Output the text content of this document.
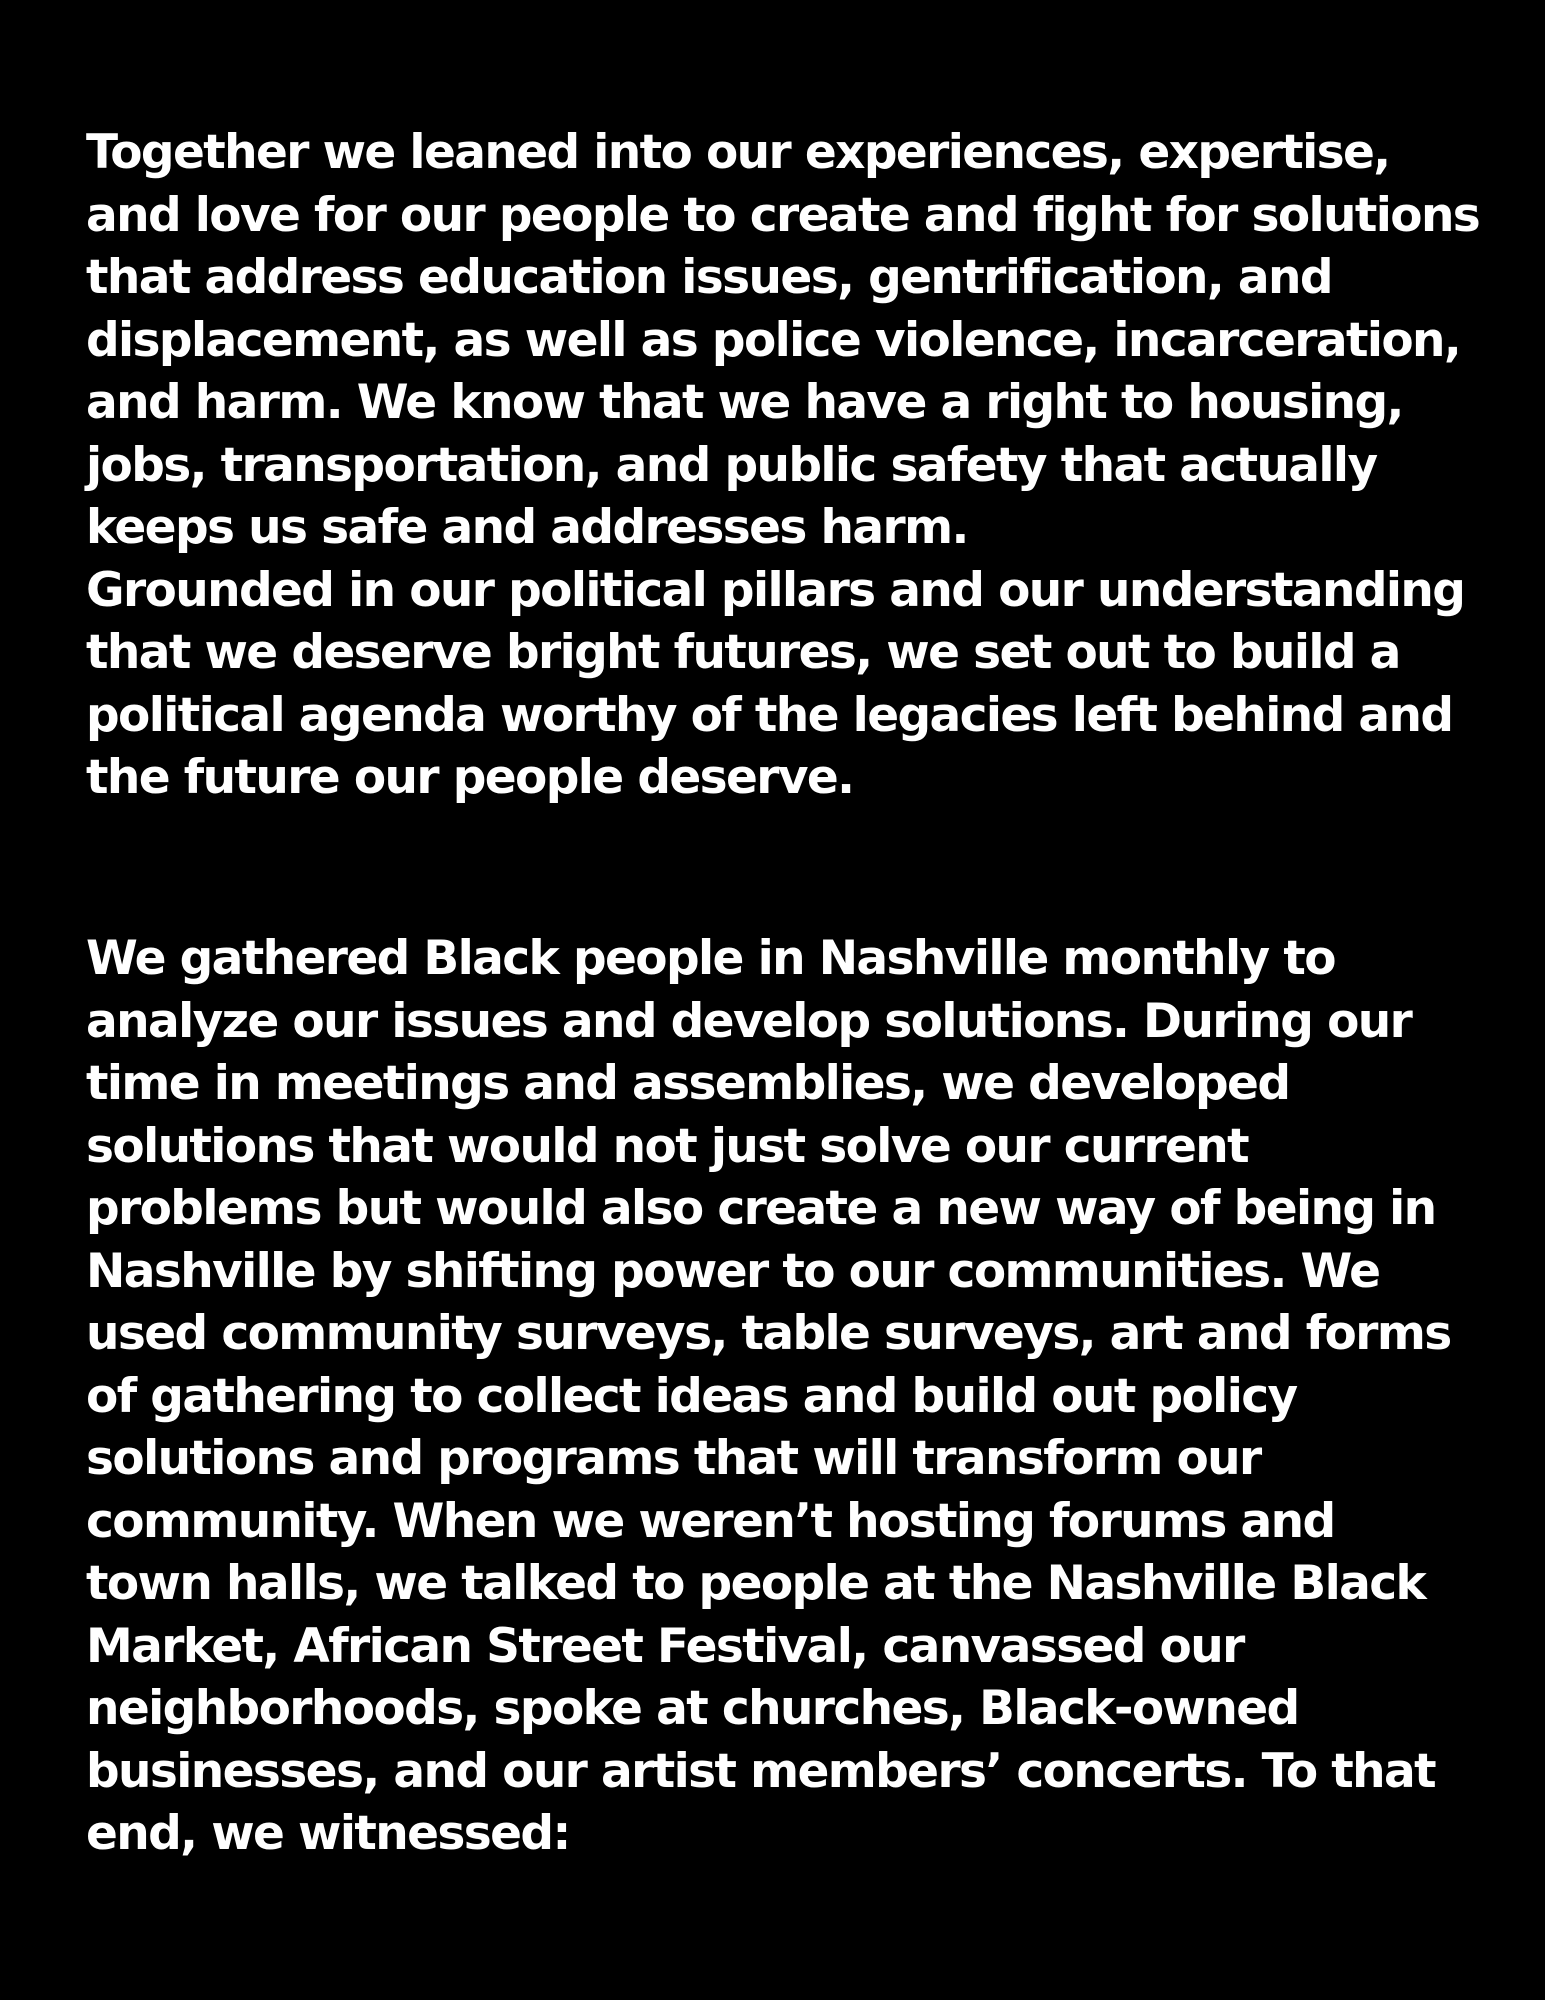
Together we leaned into our experiences, expertise,
and love for our people to create and fight for solutions
that address education issues, gentrification, and
displacement, as well as police violence, incarceration,
and harm. We know that we have a right to housing,
jobs, transportation, and public safety that actually
keeps us safe and addresses harm.
Grounded in our political pillars and our understanding
that we deserve bright futures, we set out to build a
political agenda worthy of the legacies left behind and
the future our people deserve.

We gathered Black people in Nashville monthly to
analyze our issues and develop solutions. During our
time in meetings and assemblies, we developed
solutions that would not just solve our current
problems but would also create a new way of being in
Nashville by shifting power to our communities. We
used community surveys, table surveys, art and forms
of gathering to collect ideas and build out policy
solutions and programs that will transform our
community. When we weren’t hosting forums and
town halls, we talked to people at the Nashville Black
Market, African Street Festival, canvassed our
neighborhoods, spoke at churches, Black-owned
businesses, and our artist members’ concerts. To that
end, we witnessed:
